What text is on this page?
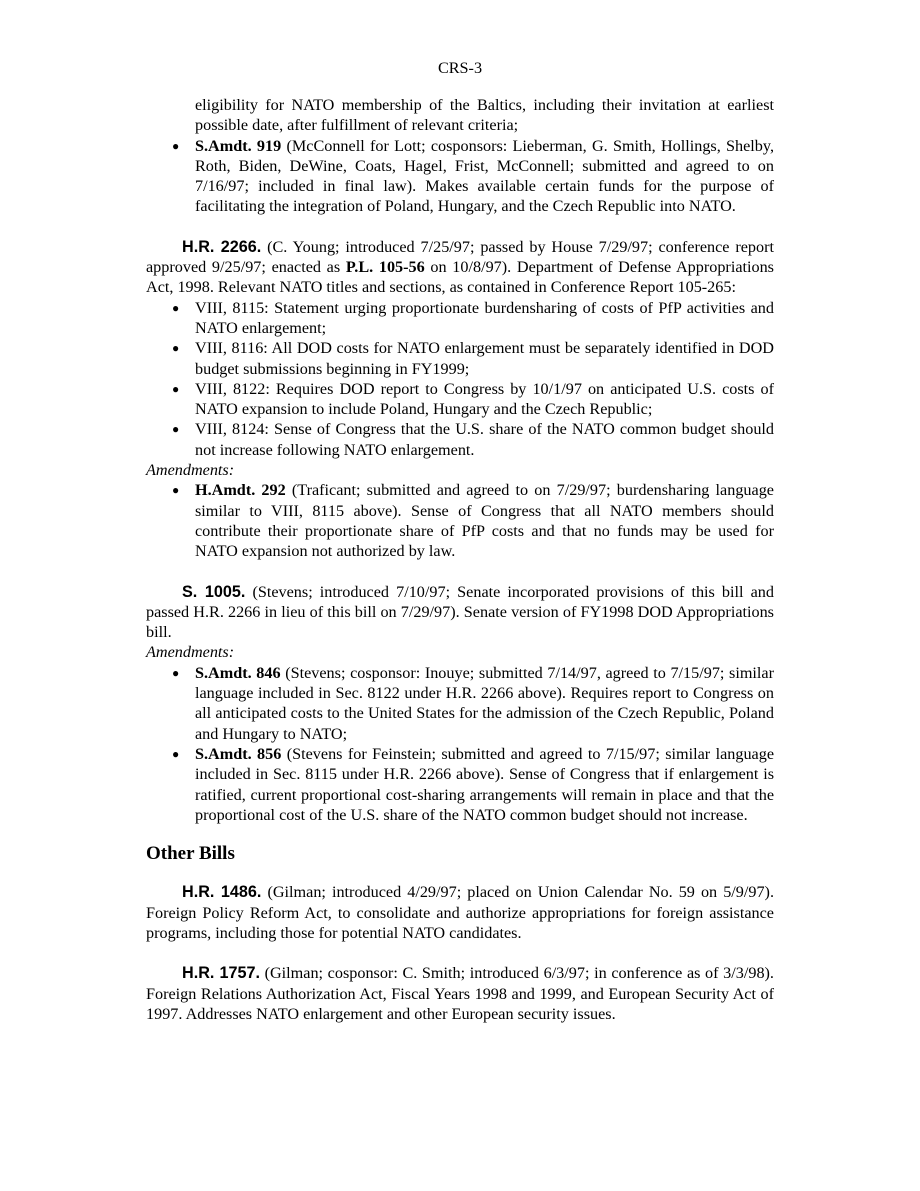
CRS-3
eligibility for NATO membership of the Baltics, including their invitation at earliest possible date, after fulfillment of relevant criteria;
● S.Amdt. 919 (McConnell for Lott; cosponsors: Lieberman, G. Smith, Hollings, Shelby, Roth, Biden, DeWine, Coats, Hagel, Frist, McConnell; submitted and agreed to on 7/16/97; included in final law). Makes available certain funds for the purpose of facilitating the integration of Poland, Hungary, and the Czech Republic into NATO.

H.R. 2266. (C. Young; introduced 7/25/97; passed by House 7/29/97; conference report approved 9/25/97; enacted as P.L. 105-56 on 10/8/97). Department of Defense Appropriations Act, 1998. Relevant NATO titles and sections, as contained in Conference Report 105-265:

● VIII, 8115: Statement urging proportionate burdensharing of costs of PfP activities and NATO enlargement;
● VIII, 8116: All DOD costs for NATO enlargement must be separately identified in DOD budget submissions beginning in FY1999;
● VIII, 8122: Requires DOD report to Congress by 10/1/97 on anticipated U.S. costs of NATO expansion to include Poland, Hungary and the Czech Republic;
● VIII, 8124: Sense of Congress that the U.S. share of the NATO common budget should not increase following NATO enlargement.

Amendments:

● H.Amdt. 292 (Traficant; submitted and agreed to on 7/29/97; burdensharing language similar to VIII, 8115 above). Sense of Congress that all NATO members should contribute their proportionate share of PfP costs and that no funds may be used for NATO expansion not authorized by law.

S. 1005. (Stevens; introduced 7/10/97; Senate incorporated provisions of this bill and passed H.R. 2266 in lieu of this bill on 7/29/97). Senate version of FY1998 DOD Appropriations bill.

Amendments:

● S.Amdt. 846 (Stevens; cosponsor: Inouye; submitted 7/14/97, agreed to 7/15/97; similar language included in Sec. 8122 under H.R. 2266 above). Requires report to Congress on all anticipated costs to the United States for the admission of the Czech Republic, Poland and Hungary to NATO;
● S.Amdt. 856 (Stevens for Feinstein; submitted and agreed to 7/15/97; similar language included in Sec. 8115 under H.R. 2266 above). Sense of Congress that if enlargement is ratified, current proportional cost-sharing arrangements will remain in place and that the proportional cost of the U.S. share of the NATO common budget should not increase.
Other Bills

H.R. 1486. (Gilman; introduced 4/29/97; placed on Union Calendar No. 59 on 5/9/97). Foreign Policy Reform Act, to consolidate and authorize appropriations for foreign assistance programs, including those for potential NATO candidates.

H.R. 1757. (Gilman; cosponsor: C. Smith; introduced 6/3/97; in conference as of 3/3/98). Foreign Relations Authorization Act, Fiscal Years 1998 and 1999, and European Security Act of 1997. Addresses NATO enlargement and other European security issues.
